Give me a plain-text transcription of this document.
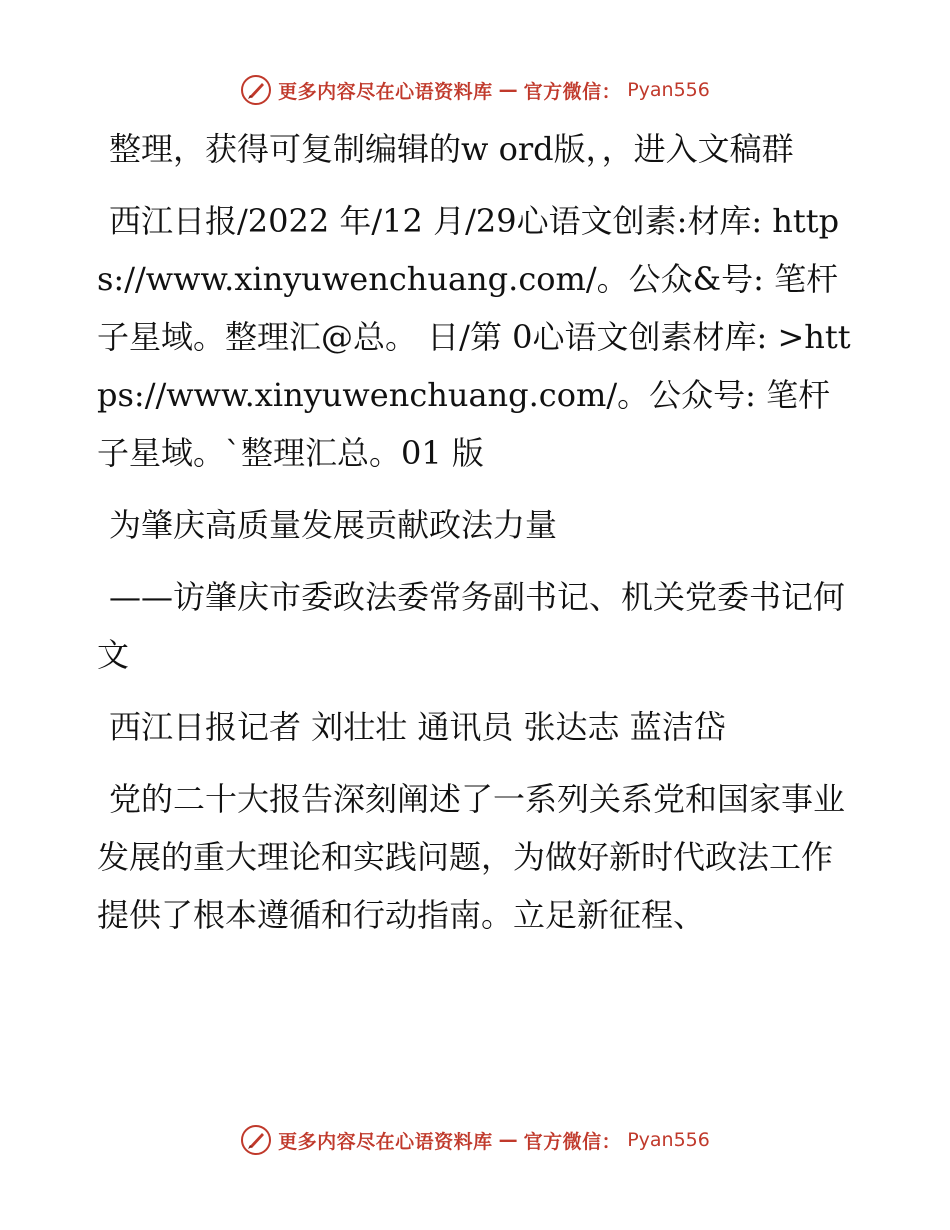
更多内容尽在心语资料库 — 官方微信： Pyan556

整理，获得可复制编辑的w ord版，，进入文稿群

西江日报/2022 年/12 月/29心语文创素:材库: https://www.xinyuwenchuang.com/。公众&号: 笔杆子星域。整理汇@总。 日/第 0心语文创素材库: >https://www.xinyuwenchuang.com/。公众号: 笔杆子星域。`整理汇总。01 版

为肇庆高质量发展贡献政法力量

——访肇庆市委政法委常务副书记、机关党委书记何文

西江日报记者 刘壮壮 通讯员 张达志 蓝洁岱

党的二十大报告深刻阐述了一系列关系党和国家事业发展的重大理论和实践问题，为做好新时代政法工作提供了根本遵循和行动指南。立足新征程、

更多内容尽在心语资料库 — 官方微信： Pyan556
